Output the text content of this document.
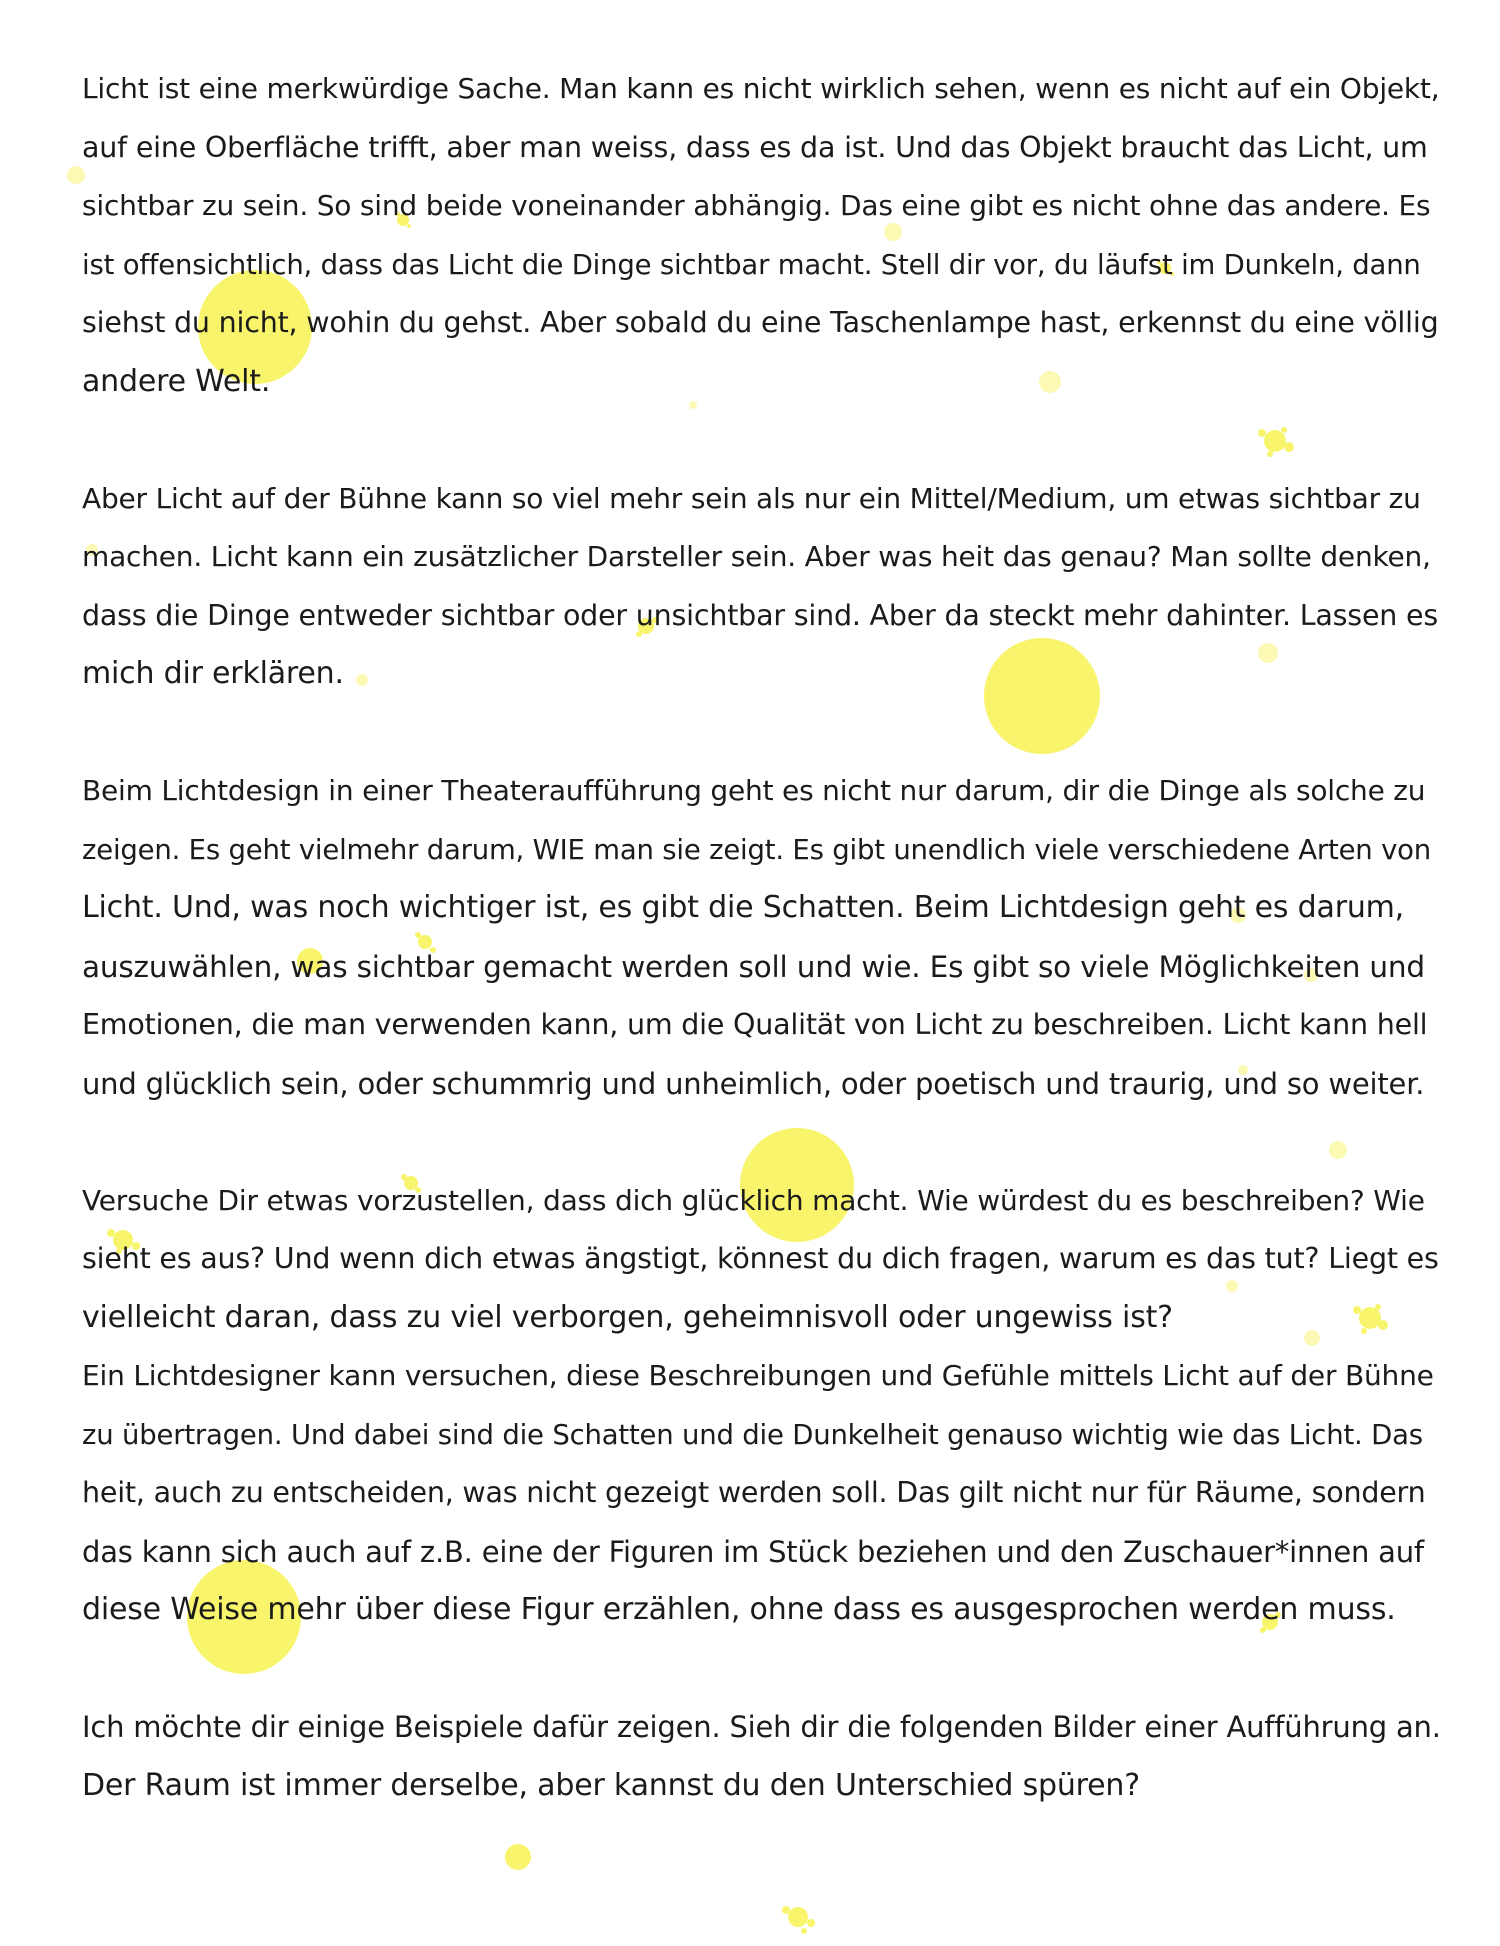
Licht ist eine merkwürdige Sache. Man kann es nicht wirklich sehen, wenn es nicht auf ein Objekt,

auf eine Oberfläche trifft, aber man weiss, dass es da ist. Und das Objekt braucht das Licht, um

sichtbar zu sein. So sind beide voneinander abhängig. Das eine gibt es nicht ohne das andere. Es

ist offensichtlich, dass das Licht die Dinge sichtbar macht. Stell dir vor, du läufst im Dunkeln, dann

siehst du nicht, wohin du gehst. Aber sobald du eine Taschenlampe hast, erkennst du eine völlig

andere Welt.

Aber Licht auf der Bühne kann so viel mehr sein als nur ein Mittel/Medium, um etwas sichtbar zu

machen. Licht kann ein zusätzlicher Darsteller sein. Aber was heit das genau? Man sollte denken,

dass die Dinge entweder sichtbar oder unsichtbar sind. Aber da steckt mehr dahinter. Lassen es

mich dir erklären.

Beim Lichtdesign in einer Theateraufführung geht es nicht nur darum, dir die Dinge als solche zu

zeigen. Es geht vielmehr darum, WIE man sie zeigt. Es gibt unendlich viele verschiedene Arten von

Licht. Und, was noch wichtiger ist, es gibt die Schatten. Beim Lichtdesign geht es darum,

auszuwählen, was sichtbar gemacht werden soll und wie. Es gibt so viele Möglichkeiten und

Emotionen, die man verwenden kann, um die Qualität von Licht zu beschreiben. Licht kann hell

und glücklich sein, oder schummrig und unheimlich, oder poetisch und traurig, und so weiter.

Versuche Dir etwas vorzustellen, dass dich glücklich macht. Wie würdest du es beschreiben? Wie

sieht es aus? Und wenn dich etwas ängstigt, könnest du dich fragen, warum es das tut? Liegt es

vielleicht daran, dass zu viel verborgen, geheimnisvoll oder ungewiss ist?

Ein Lichtdesigner kann versuchen, diese Beschreibungen und Gefühle mittels Licht auf der Bühne

zu übertragen. Und dabei sind die Schatten und die Dunkelheit genauso wichtig wie das Licht. Das

heit, auch zu entscheiden, was nicht gezeigt werden soll. Das gilt nicht nur für Räume, sondern

das kann sich auch auf z.B. eine der Figuren im Stück beziehen und den Zuschauer*innen auf

diese Weise mehr über diese Figur erzählen, ohne dass es ausgesprochen werden muss.

Ich möchte dir einige Beispiele dafür zeigen. Sieh dir die folgenden Bilder einer Aufführung an.

Der Raum ist immer derselbe, aber kannst du den Unterschied spüren?
